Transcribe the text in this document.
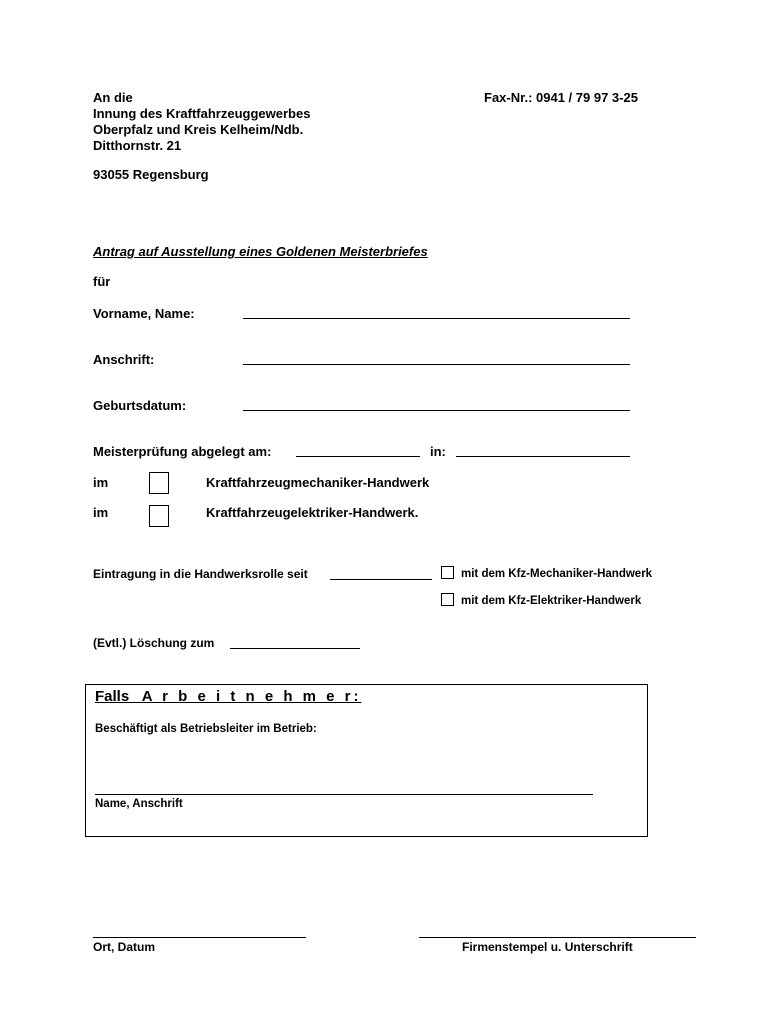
An die
Innung des Kraftfahrzeuggewerbes
Oberpfalz und Kreis Kelheim/Ndb.
Ditthornstr. 21
93055 Regensburg
Fax-Nr.: 0941 / 79 97 3-25
Antrag auf Ausstellung eines Goldenen Meisterbriefes
für
Vorname, Name:
Anschrift:
Geburtsdatum:
Meisterprüfung abgelegt am:	in:
im	Kraftfahrzeugmechaniker-Handwerk
im	Kraftfahrzeugelektriker-Handwerk.
Eintragung in die Handwerksrolle seit	mit dem Kfz-Mechaniker-Handwerk
mit dem Kfz-Elektriker-Handwerk
(Evtl.) Löschung zum
Falls A r b e i t n e h m e r:
Beschäftigt als Betriebsleiter im Betrieb:
Name, Anschrift
Ort, Datum	Firmenstempel u. Unterschrift
